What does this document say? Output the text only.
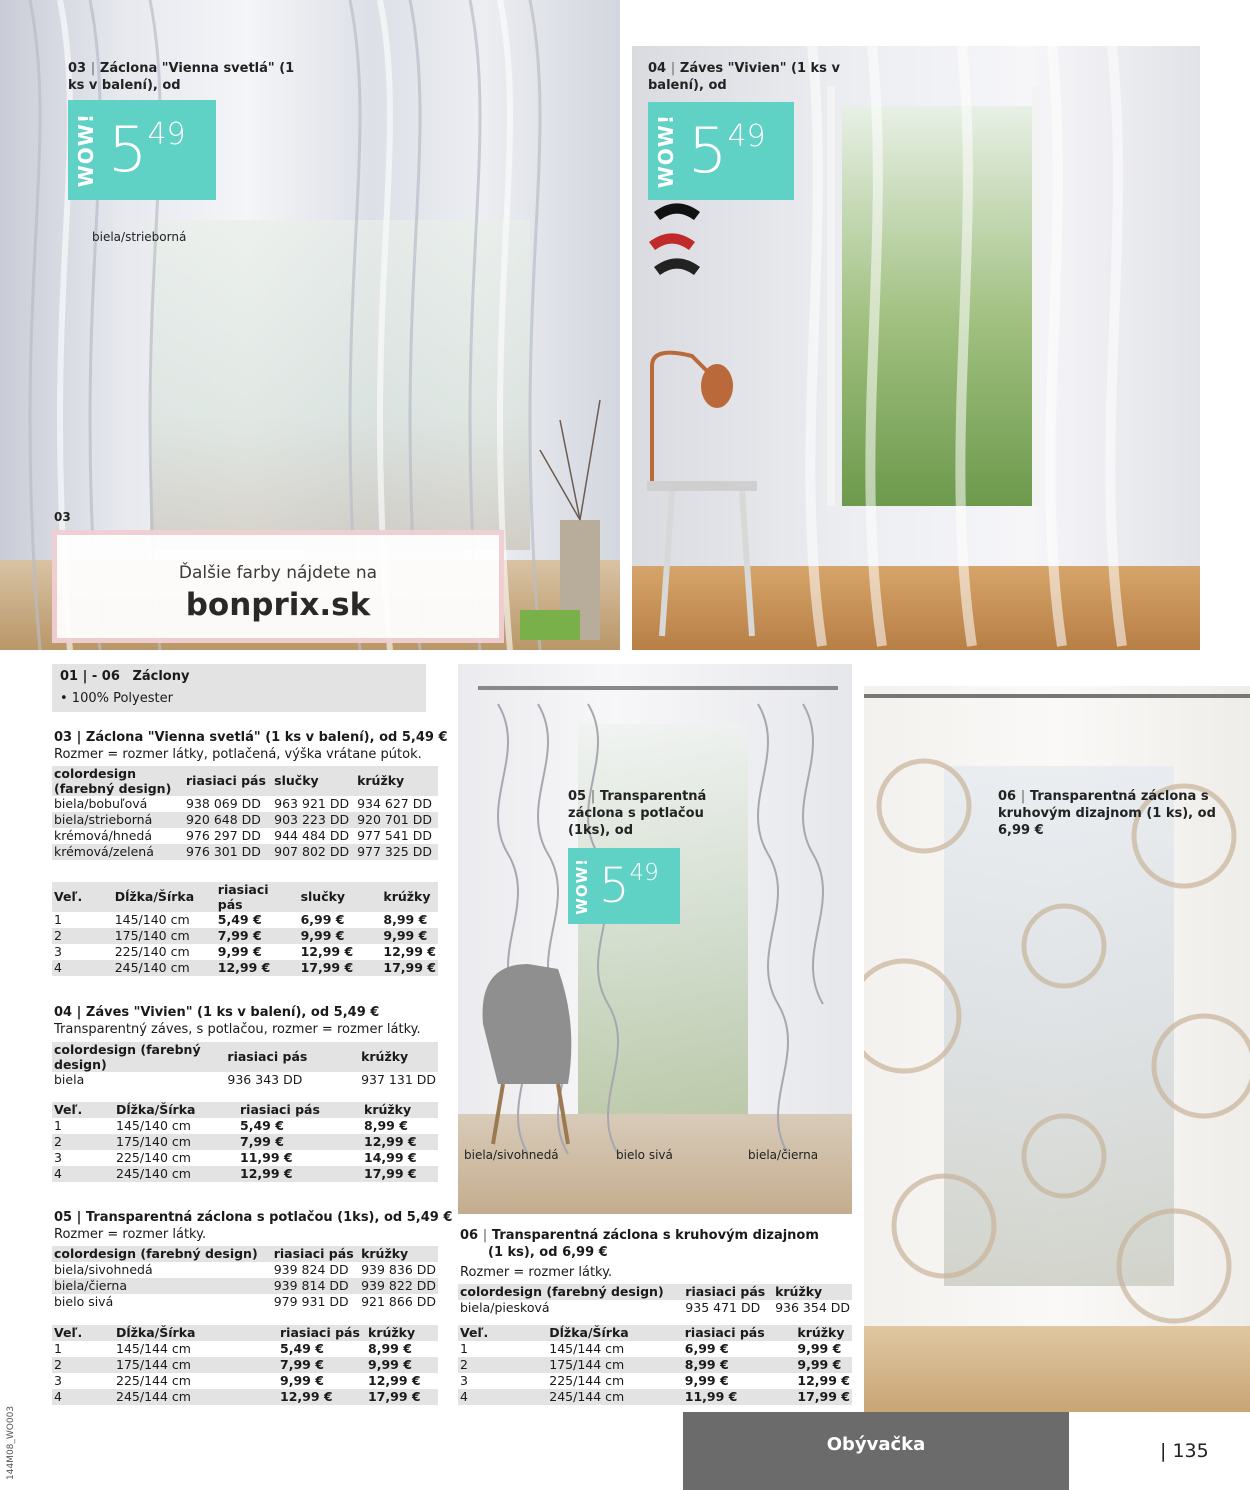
03 | Záclona "Vienna svetlá" (1 ks v balení), od
WOW! 5 49
biela/strieborná
03
Ďalšie farby nájdete na
bonprix.sk
04 | Záves "Vivien" (1 ks v balení), od
WOW! 5 49
01 | - 06 Záclony
• 100% Polyester
03 | Záclona "Vienna svetlá" (1 ks v balení), od 5,49 €
Rozmer = rozmer látky, potlačená, výška vrátane pútok.
colordesign (farebný design)	riasiaci pás	slučky	krúžky
biela/bobuľová	938 069 DD	963 921 DD	934 627 DD
biela/strieborná	920 648 DD	903 223 DD	920 701 DD
krémová/hnedá	976 297 DD	944 484 DD	977 541 DD
krémová/zelená	976 301 DD	907 802 DD	977 325 DD
Veľ.	Dĺžka/Šírka	riasiaci pás	slučky	krúžky
1	145/140 cm	5,49 €	6,99 €	8,99 €
2	175/140 cm	7,99 €	9,99 €	9,99 €
3	225/140 cm	9,99 €	12,99 €	12,99 €
4	245/140 cm	12,99 €	17,99 €	17,99 €
04 | Záves "Vivien" (1 ks v balení), od 5,49 €
Transparentný záves, s potlačou, rozmer = rozmer látky.
colordesign (farebný design)	riasiaci pás	krúžky
biela	936 343 DD	937 131 DD
Veľ.	Dĺžka/Šírka	riasiaci pás	krúžky
1	145/140 cm	5,49 €	8,99 €
2	175/140 cm	7,99 €	12,99 €
3	225/140 cm	11,99 €	14,99 €
4	245/140 cm	12,99 €	17,99 €
05 | Transparentná záclona s potlačou (1ks), od 5,49 €
Rozmer = rozmer látky.
colordesign (farebný design)	riasiaci pás	krúžky
biela/sivohnedá	939 824 DD	939 836 DD
biela/čierna	939 814 DD	939 822 DD
bielo sivá	979 931 DD	921 866 DD
Veľ.	Dĺžka/Šírka	riasiaci pás	krúžky
1	145/144 cm	5,49 €	8,99 €
2	175/144 cm	7,99 €	9,99 €
3	225/144 cm	9,99 €	12,99 €
4	245/144 cm	12,99 €	17,99 €
05 | Transparentná záclona s potlačou (1ks), od
WOW! 5 49
biela/sivohnedá	bielo sivá	biela/čierna
06 | Transparentná záclona s kruhovým dizajnom (1 ks), od 6,99 €
06 | Transparentná záclona s kruhovým dizajnom
(1 ks), od 6,99 €
Rozmer = rozmer látky.
colordesign (farebný design)	riasiaci pás	krúžky
biela/piesková	935 471 DD	936 354 DD
Veľ.	Dĺžka/Šírka	riasiaci pás	krúžky
1	145/144 cm	6,99 €	9,99 €
2	175/144 cm	8,99 €	9,99 €
3	225/144 cm	9,99 €	12,99 €
4	245/144 cm	11,99 €	17,99 €
Obývačka	| 135
144M08_WO003
